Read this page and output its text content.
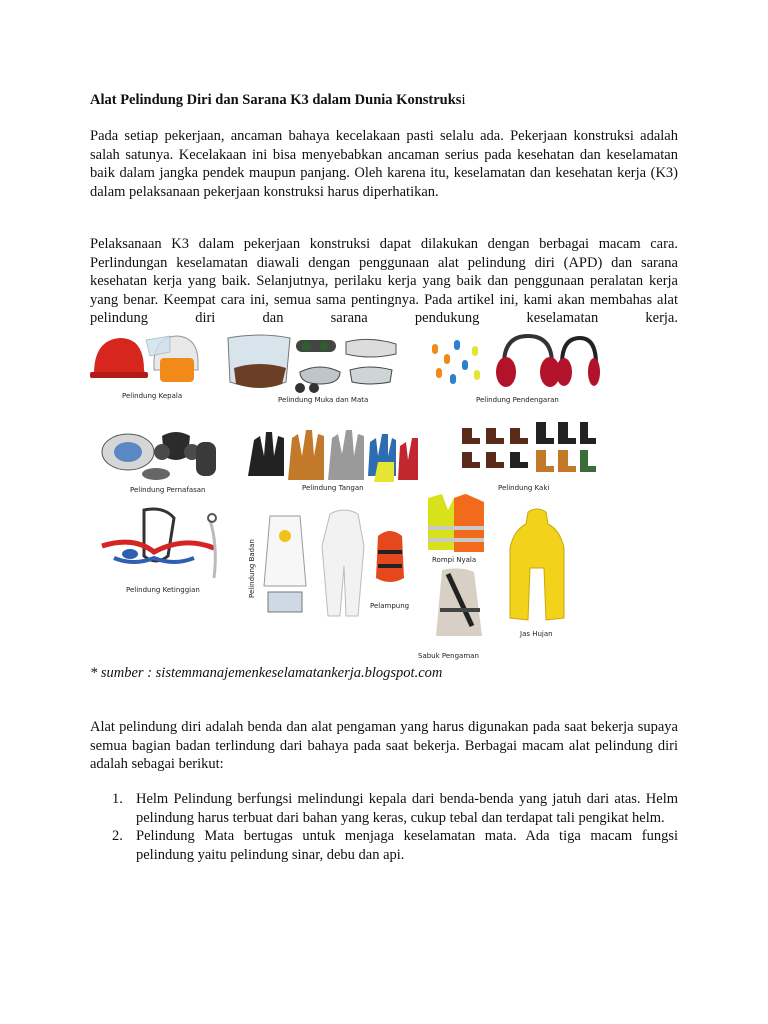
Alat Pelindung Diri dan Sarana K3 dalam Dunia Konstruksi

Pada setiap pekerjaan, ancaman bahaya kecelakaan pasti selalu ada. Pekerjaan konstruksi adalah salah satunya. Kecelakaan ini bisa menyebabkan ancaman serius pada kesehatan dan keselamatan baik dalam jangka pendek maupun panjang. Oleh karena itu, keselamatan dan kesehatan kerja (K3) dalam pelaksanaan pekerjaan konstruksi harus diperhatikan.

Pelaksanaan K3 dalam pekerjaan konstruksi dapat dilakukan dengan berbagai macam cara. Perlindungan keselamatan diawali dengan penggunaan alat pelindung diri (APD) dan sarana kesehatan kerja yang baik. Selanjutnya, perilaku kerja yang baik dan penggunaan peralatan kerja yang benar. Keempat cara ini, semua sama pentingnya. Pada artikel ini, kami akan membahas alat pelindung diri dan sarana pendukung keselamatan kerja.

* sumber : sistemmanajemenkeselamatankerja.blogspot.com

Alat pelindung diri adalah benda dan alat pengaman yang harus digunakan pada saat bekerja supaya semua bagian badan terlindung dari bahaya pada saat bekerja. Berbagai macam alat pelindung diri adalah sebagai berikut:

1. Helm Pelindung berfungsi melindungi kepala dari benda-benda yang jatuh dari atas. Helm pelindung harus terbuat dari bahan yang keras, cukup tebal dan terdapat tali pengikat helm.
2. Pelindung Mata bertugas untuk menjaga keselamatan mata. Ada tiga macam fungsi pelindung yaitu pelindung sinar, debu dan api.
Pelindung Kepala	Pelindung Muka dan Mata	Pelindung Pendengaran
Pelindung Pernafasan	Pelindung Tangan	Pelindung Kaki
Pelindung Ketinggian	Pelindung Badan	Rompi Nyala
Sabuk Pengaman
Pelampung
Jas Hujan
